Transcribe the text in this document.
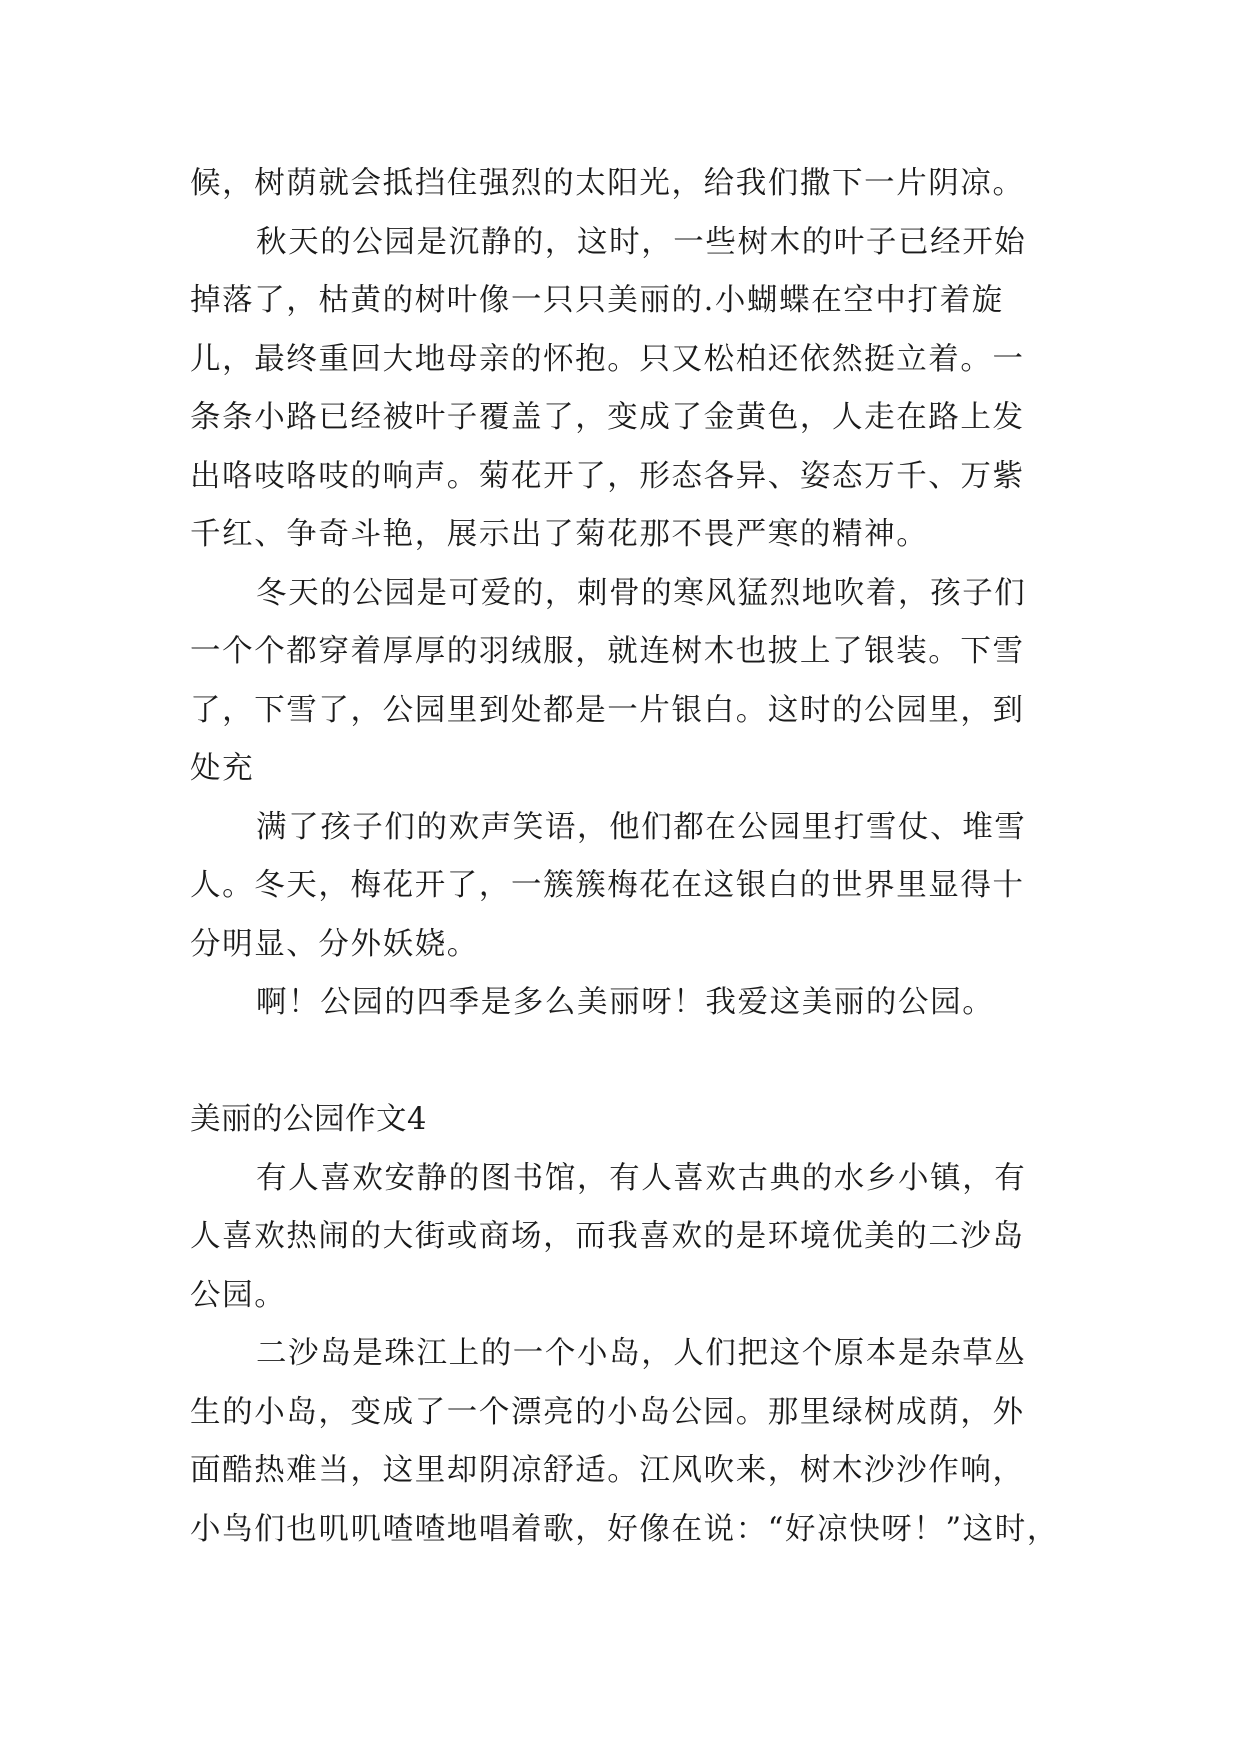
候，树荫就会抵挡住强烈的太阳光，给我们撒下一片阴凉。
秋天的公园是沉静的，这时，一些树木的叶子已经开始
掉落了，枯黄的树叶像一只只美丽的.小蝴蝶在空中打着旋
儿，最终重回大地母亲的怀抱。只又松柏还依然挺立着。一
条条小路已经被叶子覆盖了，变成了金黄色，人走在路上发
出咯吱咯吱的响声。菊花开了，形态各异、姿态万千、万紫
千红、争奇斗艳，展示出了菊花那不畏严寒的精神。
冬天的公园是可爱的，刺骨的寒风猛烈地吹着，孩子们
一个个都穿着厚厚的羽绒服，就连树木也披上了银装。下雪
了，下雪了，公园里到处都是一片银白。这时的公园里，到
处充
满了孩子们的欢声笑语，他们都在公园里打雪仗、堆雪
人。冬天，梅花开了，一簇簇梅花在这银白的世界里显得十
分明显、分外妖娆。
啊！公园的四季是多么美丽呀！我爱这美丽的公园。
美丽的公园作文4
有人喜欢安静的图书馆，有人喜欢古典的水乡小镇，有
人喜欢热闹的大街或商场，而我喜欢的是环境优美的二沙岛
公园。
二沙岛是珠江上的一个小岛，人们把这个原本是杂草丛
生的小岛，变成了一个漂亮的小岛公园。那里绿树成荫，外
面酷热难当，这里却阴凉舒适。江风吹来，树木沙沙作响，
小鸟们也叽叽喳喳地唱着歌，好像在说：“好凉快呀！”这时，
